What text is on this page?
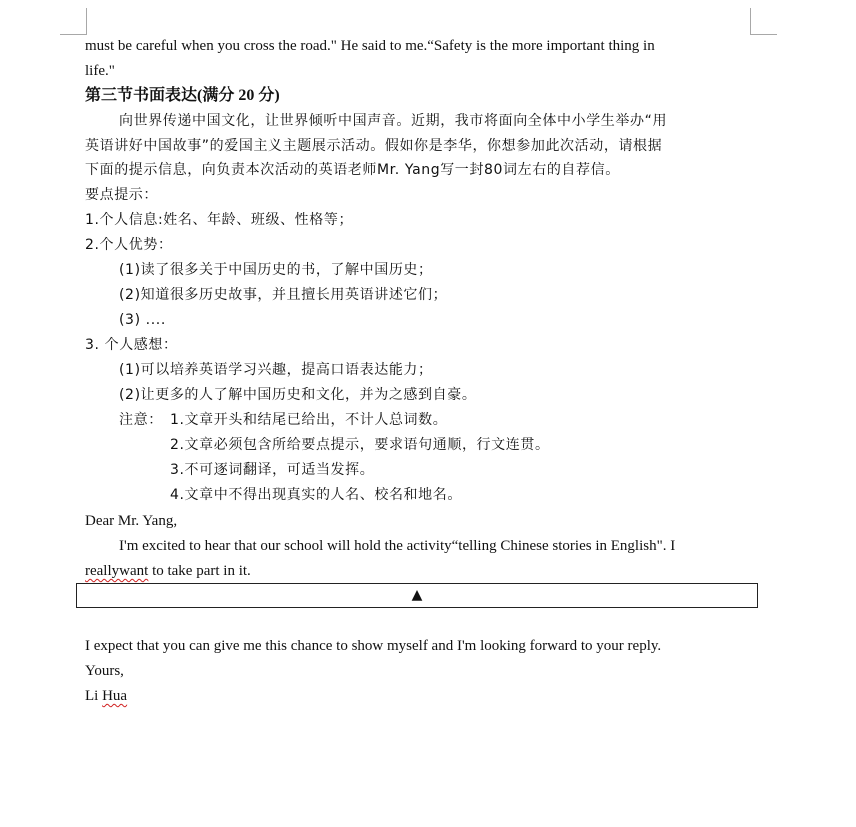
must be careful when you cross the road." He said to me.“Safety is the more important thing in
life."
第三节书面表达(满分 20 分)
向世界传递中国文化，让世界倾听中国声音。近期，我市将面向全体中小学生举办“用
英语讲好中国故事”的爱国主义主题展示活动。假如你是李华，你想参加此次活动，请根据
下面的提示信息，向负责本次活动的英语老师Mr. Yang写一封80词左右的自荐信。
要点提示：
1.个人信息:姓名、年龄、班级、性格等；
2.个人优势：
(1)读了很多关于中国历史的书，了解中国历史；
(2)知道很多历史故事，并且擅长用英语讲述它们；
(3) ....
3. 个人感想：
(1)可以培养英语学习兴趣，提高口语表达能力；
(2)让更多的人了解中国历史和文化，并为之感到自豪。
注意： 1.文章开头和结尾已给出，不计人总词数。
2.文章必须包含所给要点提示，要求语句通顺，行文连贯。
3.不可逐词翻译，可适当发挥。
4.文章中不得出现真实的人名、校名和地名。
Dear Mr. Yang,
I'm excited to hear that our school will hold the activity“telling Chinese stories in English". I
reallywant to take part in it.
▲
I expect that you can give me this chance to show myself and I'm looking forward to your reply.
Yours,
Li Hua
